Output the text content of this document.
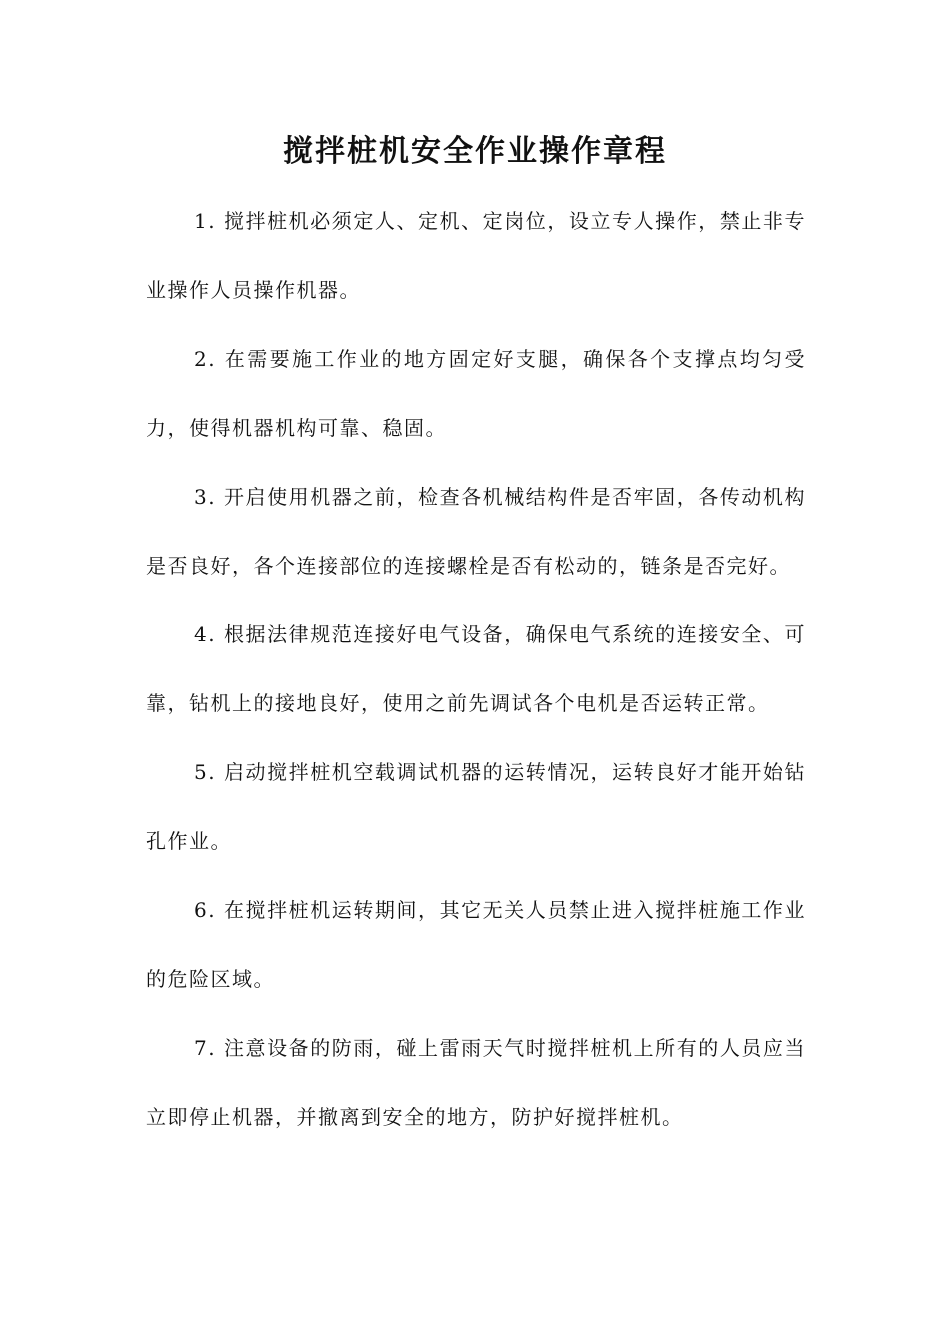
搅拌桩机安全作业操作章程

1. 搅拌桩机必须定人、定机、定岗位，设立专人操作，禁止非专业操作人员操作机器。

2. 在需要施工作业的地方固定好支腿，确保各个支撑点均匀受力，使得机器机构可靠、稳固。

3. 开启使用机器之前，检查各机械结构件是否牢固，各传动机构是否良好，各个连接部位的连接螺栓是否有松动的，链条是否完好。

4. 根据法律规范连接好电气设备，确保电气系统的连接安全、可靠，钻机上的接地良好，使用之前先调试各个电机是否运转正常。

5. 启动搅拌桩机空载调试机器的运转情况，运转良好才能开始钻孔作业。

6. 在搅拌桩机运转期间，其它无关人员禁止进入搅拌桩施工作业的危险区域。

7. 注意设备的防雨，碰上雷雨天气时搅拌桩机上所有的人员应当立即停止机器，并撤离到安全的地方，防护好搅拌桩机。
